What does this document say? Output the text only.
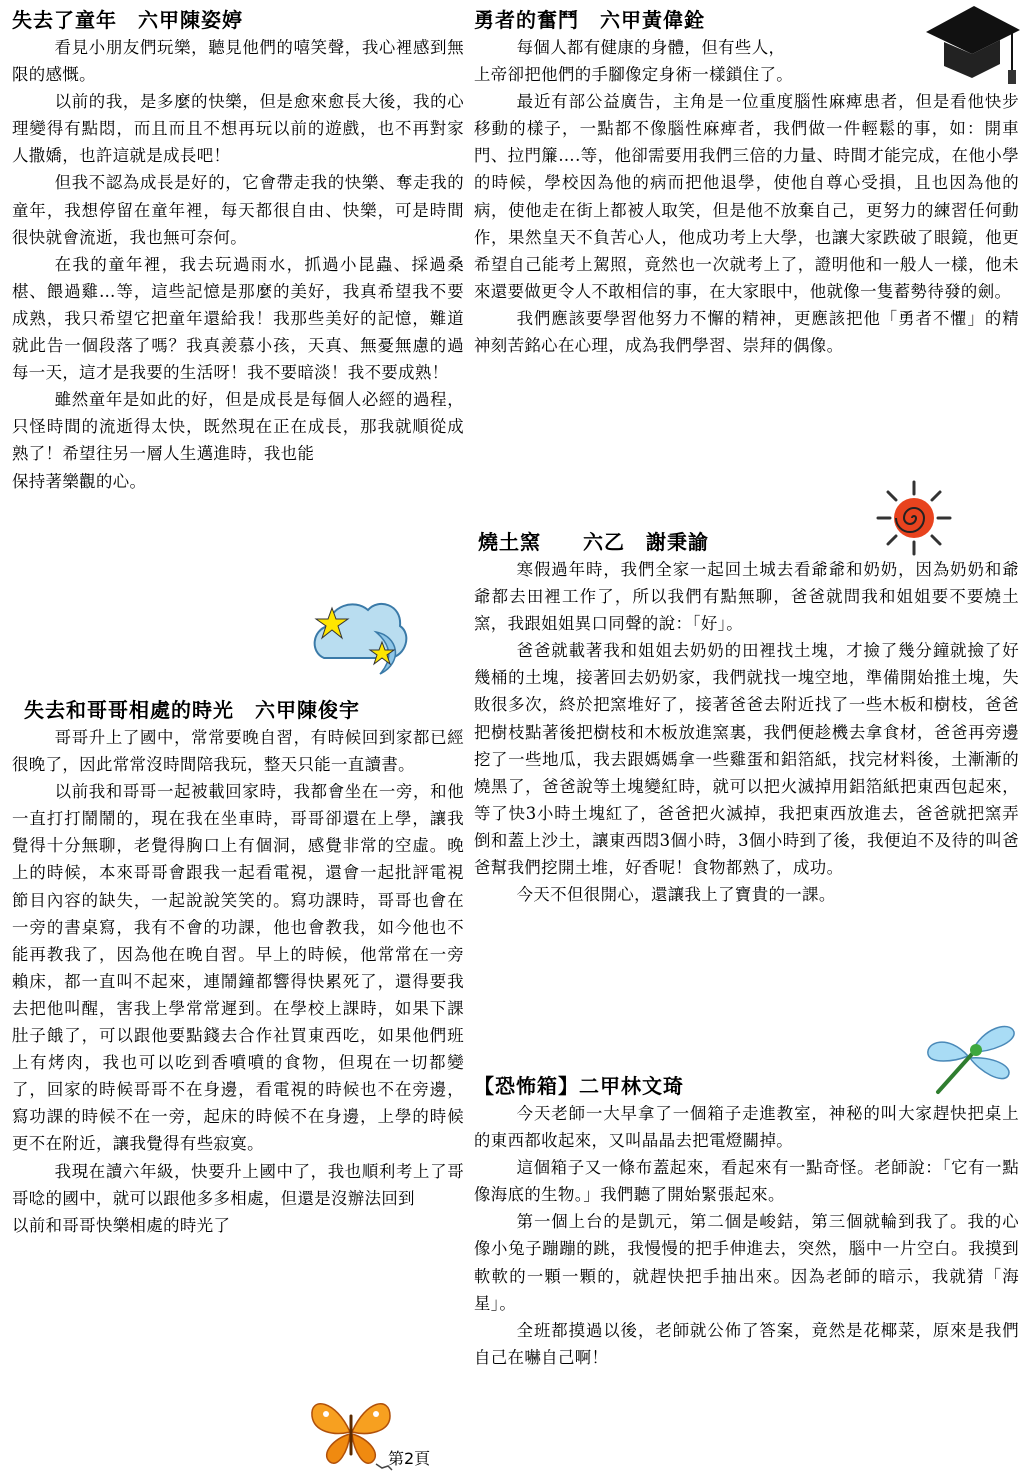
失去了童年　六甲陳姿婷

看見小朋友們玩樂，聽見他們的嘻笑聲，我心裡感到無限的感慨。

以前的我，是多麼的快樂，但是愈來愈長大後，我的心理變得有點悶，而且而且不想再玩以前的遊戲，也不再對家人撒嬌，也許這就是成長吧！

但我不認為成長是好的，它會帶走我的快樂、奪走我的童年，我想停留在童年裡，每天都很自由、快樂，可是時間很快就會流逝，我也無可奈何。

在我的童年裡，我去玩過雨水，抓過小昆蟲、採過桑椹、餵過雞…等，這些記憶是那麼的美好，我真希望我不要成熟，我只希望它把童年還給我！我那些美好的記憶，難道就此告一個段落了嗎？我真羨慕小孩，天真、無憂無慮的過每一天，這才是我要的生活呀！我不要暗淡！我不要成熟！

雖然童年是如此的好，但是成長是每個人必經的過程，只怪時間的流逝得太快，既然現在正在成長，那我就順從成熟了！希望往另一層人生邁進時，我也能

保持著樂觀的心。

失去和哥哥相處的時光　六甲陳俊宇

哥哥升上了國中，常常要晚自習，有時候回到家都已經很晚了，因此常常沒時間陪我玩，整天只能一直讀書。

以前我和哥哥一起被載回家時，我都會坐在一旁，和他一直打打鬧鬧的，現在我在坐車時，哥哥卻還在上學，讓我覺得十分無聊，老覺得胸口上有個洞，感覺非常的空虛。晚上的時候，本來哥哥會跟我一起看電視，還會一起批評電視節目內容的缺失，一起說說笑笑的。寫功課時，哥哥也會在一旁的書桌寫，我有不會的功課，他也會教我，如今他也不能再教我了，因為他在晚自習。早上的時候，他常常在一旁賴床，都一直叫不起來，連鬧鐘都響得快累死了，還得要我去把他叫醒，害我上學常常遲到。在學校上課時，如果下課肚子餓了，可以跟他要點錢去合作社買東西吃，如果他們班上有烤肉，我也可以吃到香噴噴的食物，但現在一切都變了，回家的時候哥哥不在身邊，看電視的時候也不在旁邊，寫功課的時候不在一旁，起床的時候不在身邊，上學的時候更不在附近，讓我覺得有些寂寞。

我現在讀六年級，快要升上國中了，我也順利考上了哥哥唸的國中，就可以跟他多多相處，但還是沒辦法回到

以前和哥哥快樂相處的時光了

勇者的奮鬥　六甲黃偉銓

每個人都有健康的身體，但有些人，

上帝卻把他們的手腳像定身術一樣鎖住了。

最近有部公益廣告，主角是一位重度腦性麻痺患者，但是看他快步移動的樣子，一點都不像腦性麻痺者，我們做一件輕鬆的事，如：開車門、拉門簾….等，他卻需要用我們三倍的力量、時間才能完成，在他小學的時候，學校因為他的病而把他退學，使他自尊心受損，且也因為他的病，使他走在街上都被人取笑，但是他不放棄自己，更努力的練習任何動作，果然皇天不負苦心人，他成功考上大學，也讓大家跌破了眼鏡，他更希望自己能考上駕照，竟然也一次就考上了，證明他和一般人一樣，他未來還要做更令人不敢相信的事，在大家眼中，他就像一隻蓄勢待發的劍。

我們應該要學習他努力不懈的精神，更應該把他「勇者不懼」的精神刻苦銘心在心理，成為我們學習、崇拜的偶像。

燒土窯　　六乙　謝秉諭

寒假過年時，我們全家一起回土城去看爺爺和奶奶，因為奶奶和爺爺都去田裡工作了，所以我們有點無聊，爸爸就問我和姐姐要不要燒土窯，我跟姐姐異口同聲的說：「好」。

爸爸就載著我和姐姐去奶奶的田裡找土塊，才撿了幾分鐘就撿了好幾桶的土塊，接著回去奶奶家，我們就找一塊空地，準備開始推土塊，失敗很多次，終於把窯堆好了，接著爸爸去附近找了一些木板和樹枝，爸爸把樹枝點著後把樹枝和木板放進窯裏，我們便趁機去拿食材，爸爸再旁邊挖了一些地瓜，我去跟媽媽拿一些雞蛋和鋁箔紙，找完材料後，土漸漸的燒黑了，爸爸說等土塊變紅時，就可以把火滅掉用鋁箔紙把東西包起來，等了快3小時土塊紅了，爸爸把火滅掉，我把東西放進去，爸爸就把窯弄倒和蓋上沙土，讓東西悶3個小時，3個小時到了後，我便迫不及待的叫爸爸幫我們挖開土堆，好香呢！食物都熟了，成功。

今天不但很開心，還讓我上了寶貴的一課。

【恐怖箱】二甲林文琦

今天老師一大早拿了一個箱子走進教室，神秘的叫大家趕快把桌上的東西都收起來，又叫晶晶去把電燈關掉。

這個箱子又一條布蓋起來，看起來有一點奇怪。老師說：「它有一點像海底的生物。」我們聽了開始緊張起來。

第一個上台的是凱元，第二個是峻銡，第三個就輪到我了。我的心像小兔子蹦蹦的跳，我慢慢的把手伸進去，突然，腦中一片空白。我摸到軟軟的一顆一顆的，就趕快把手抽出來。因為老師的暗示，我就猜「海星」。

全班都摸過以後，老師就公佈了答案，竟然是花椰菜，原來是我們自己在嚇自己啊！

第2頁
